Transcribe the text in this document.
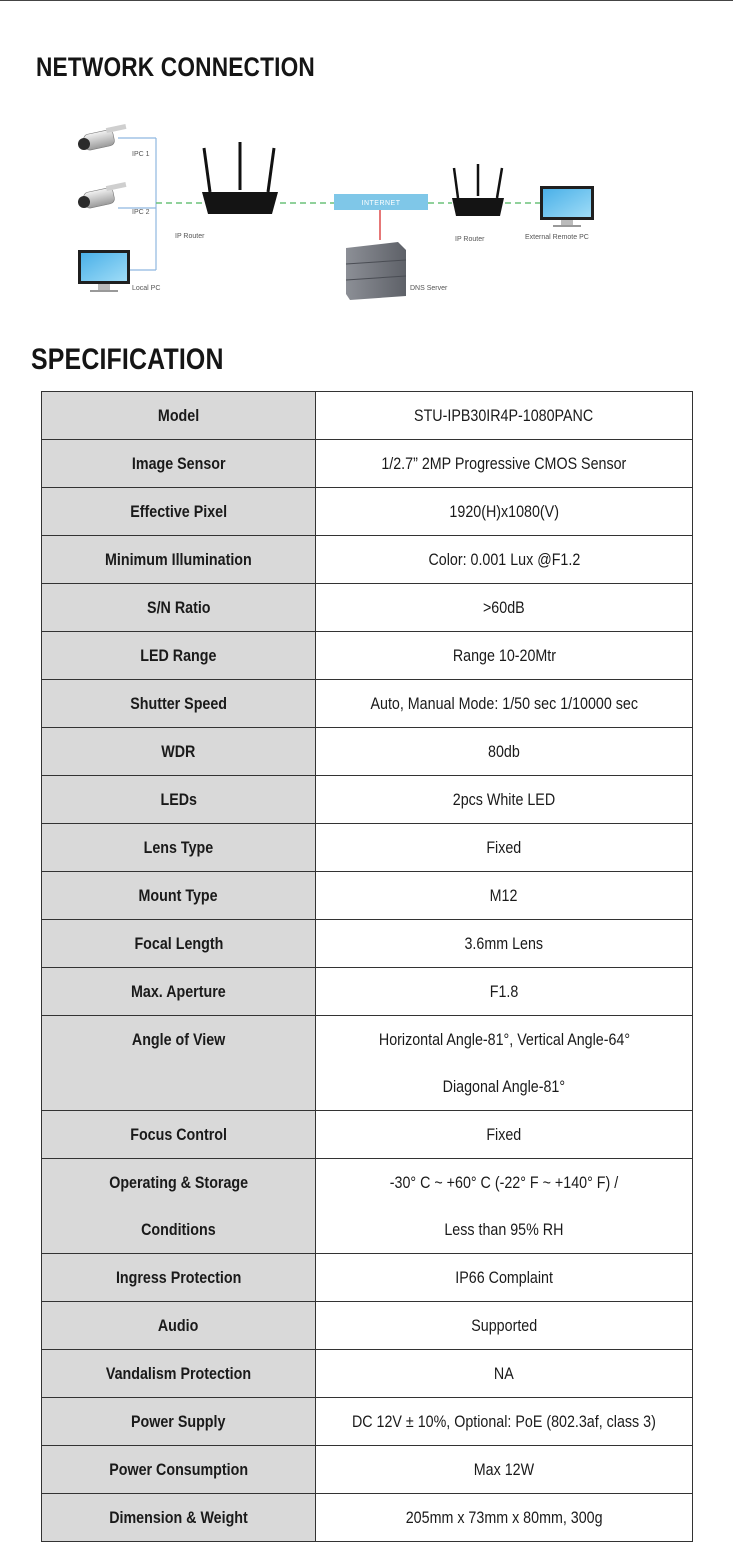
NETWORK CONNECTION
IPC 1
IPC 2
Local PC
IP Router
INTERNET
DNS Server
IP Router	External Remote PC
SPECIFICATION
Model	STU-IPB30IR4P-1080PANC
Image Sensor	1/2.7” 2MP Progressive CMOS Sensor
Effective Pixel	1920(H)x1080(V)
Minimum Illumination	Color: 0.001 Lux @F1.2
S/N Ratio	>60dB
LED Range	Range 10-20Mtr
Shutter Speed	Auto, Manual Mode: 1/50 sec 1/10000 sec
WDR	80db
LEDs	2pcs White LED
Lens Type	Fixed
Mount Type	M12
Focal Length	3.6mm Lens
Max. Aperture	F1.8
Angle of View	Horizontal Angle-81°, Vertical Angle-64°
Diagonal Angle-81°

Focus Control	Fixed

Operating & Storage
Conditions	-30° C ~ +60° C (-22° F ~ +140° F) /
Less than 95% RH

Ingress Protection	IP66 Complaint
Audio	Supported
Vandalism Protection	NA
Power Supply	DC 12V ± 10%, Optional: PoE (802.3af, class 3)
Power Consumption	Max 12W
Dimension & Weight	205mm x 73mm x 80mm, 300g
